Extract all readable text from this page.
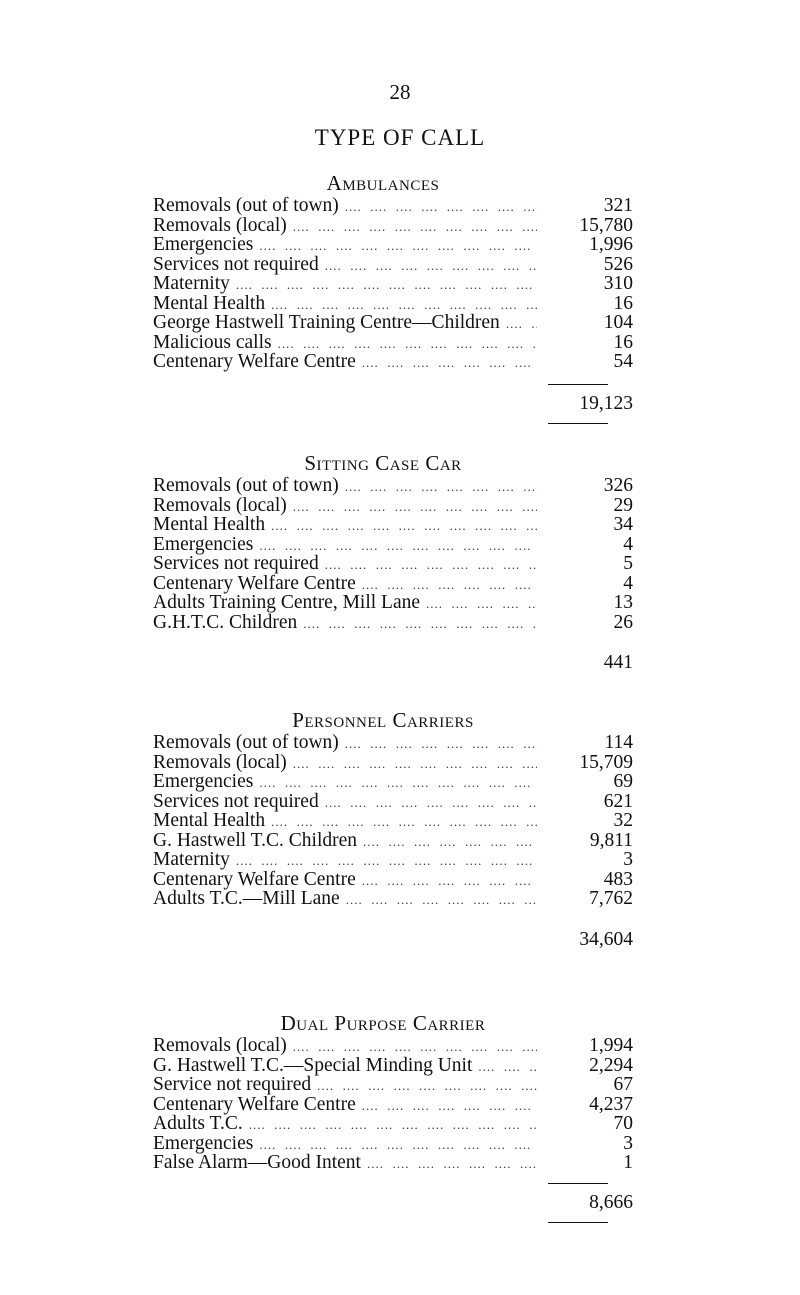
28
TYPE OF CALL
Ambulances
Removals (out of town) ....	321
Removals (local) ....	15,780
Emergencies ....	1,996
Services not required ....	526
Maternity ....	310
Mental Health ....	16
George Hastwell Training Centre—Children ....	104
Malicious calls ....	16
Centenary Welfare Centre ....	54
19,123
Sitting Case Car
Removals (out of town) ....	326
Removals (local) ....	29
Mental Health ....	34
Emergencies ....	4
Services not required ....	5
Centenary Welfare Centre ....	4
Adults Training Centre, Mill Lane ....	13
G.H.T.C. Children ....	26
441
Personnel Carriers
Removals (out of town) ....	114
Removals (local) ....	15,709
Emergencies ....	69
Services not required ....	621
Mental Health ....	32
G. Hastwell T.C. Children ....	9,811
Maternity ....	3
Centenary Welfare Centre ....	483
Adults T.C.—Mill Lane ....	7,762
34,604
Dual Purpose Carrier
Removals (local) ....	1,994
G. Hastwell T.C.—Special Minding Unit ....	2,294
Service not required ....	67
Centenary Welfare Centre ....	4,237
Adults T.C. ....	70
Emergencies ....	3
False Alarm—Good Intent ....	1
8,666
